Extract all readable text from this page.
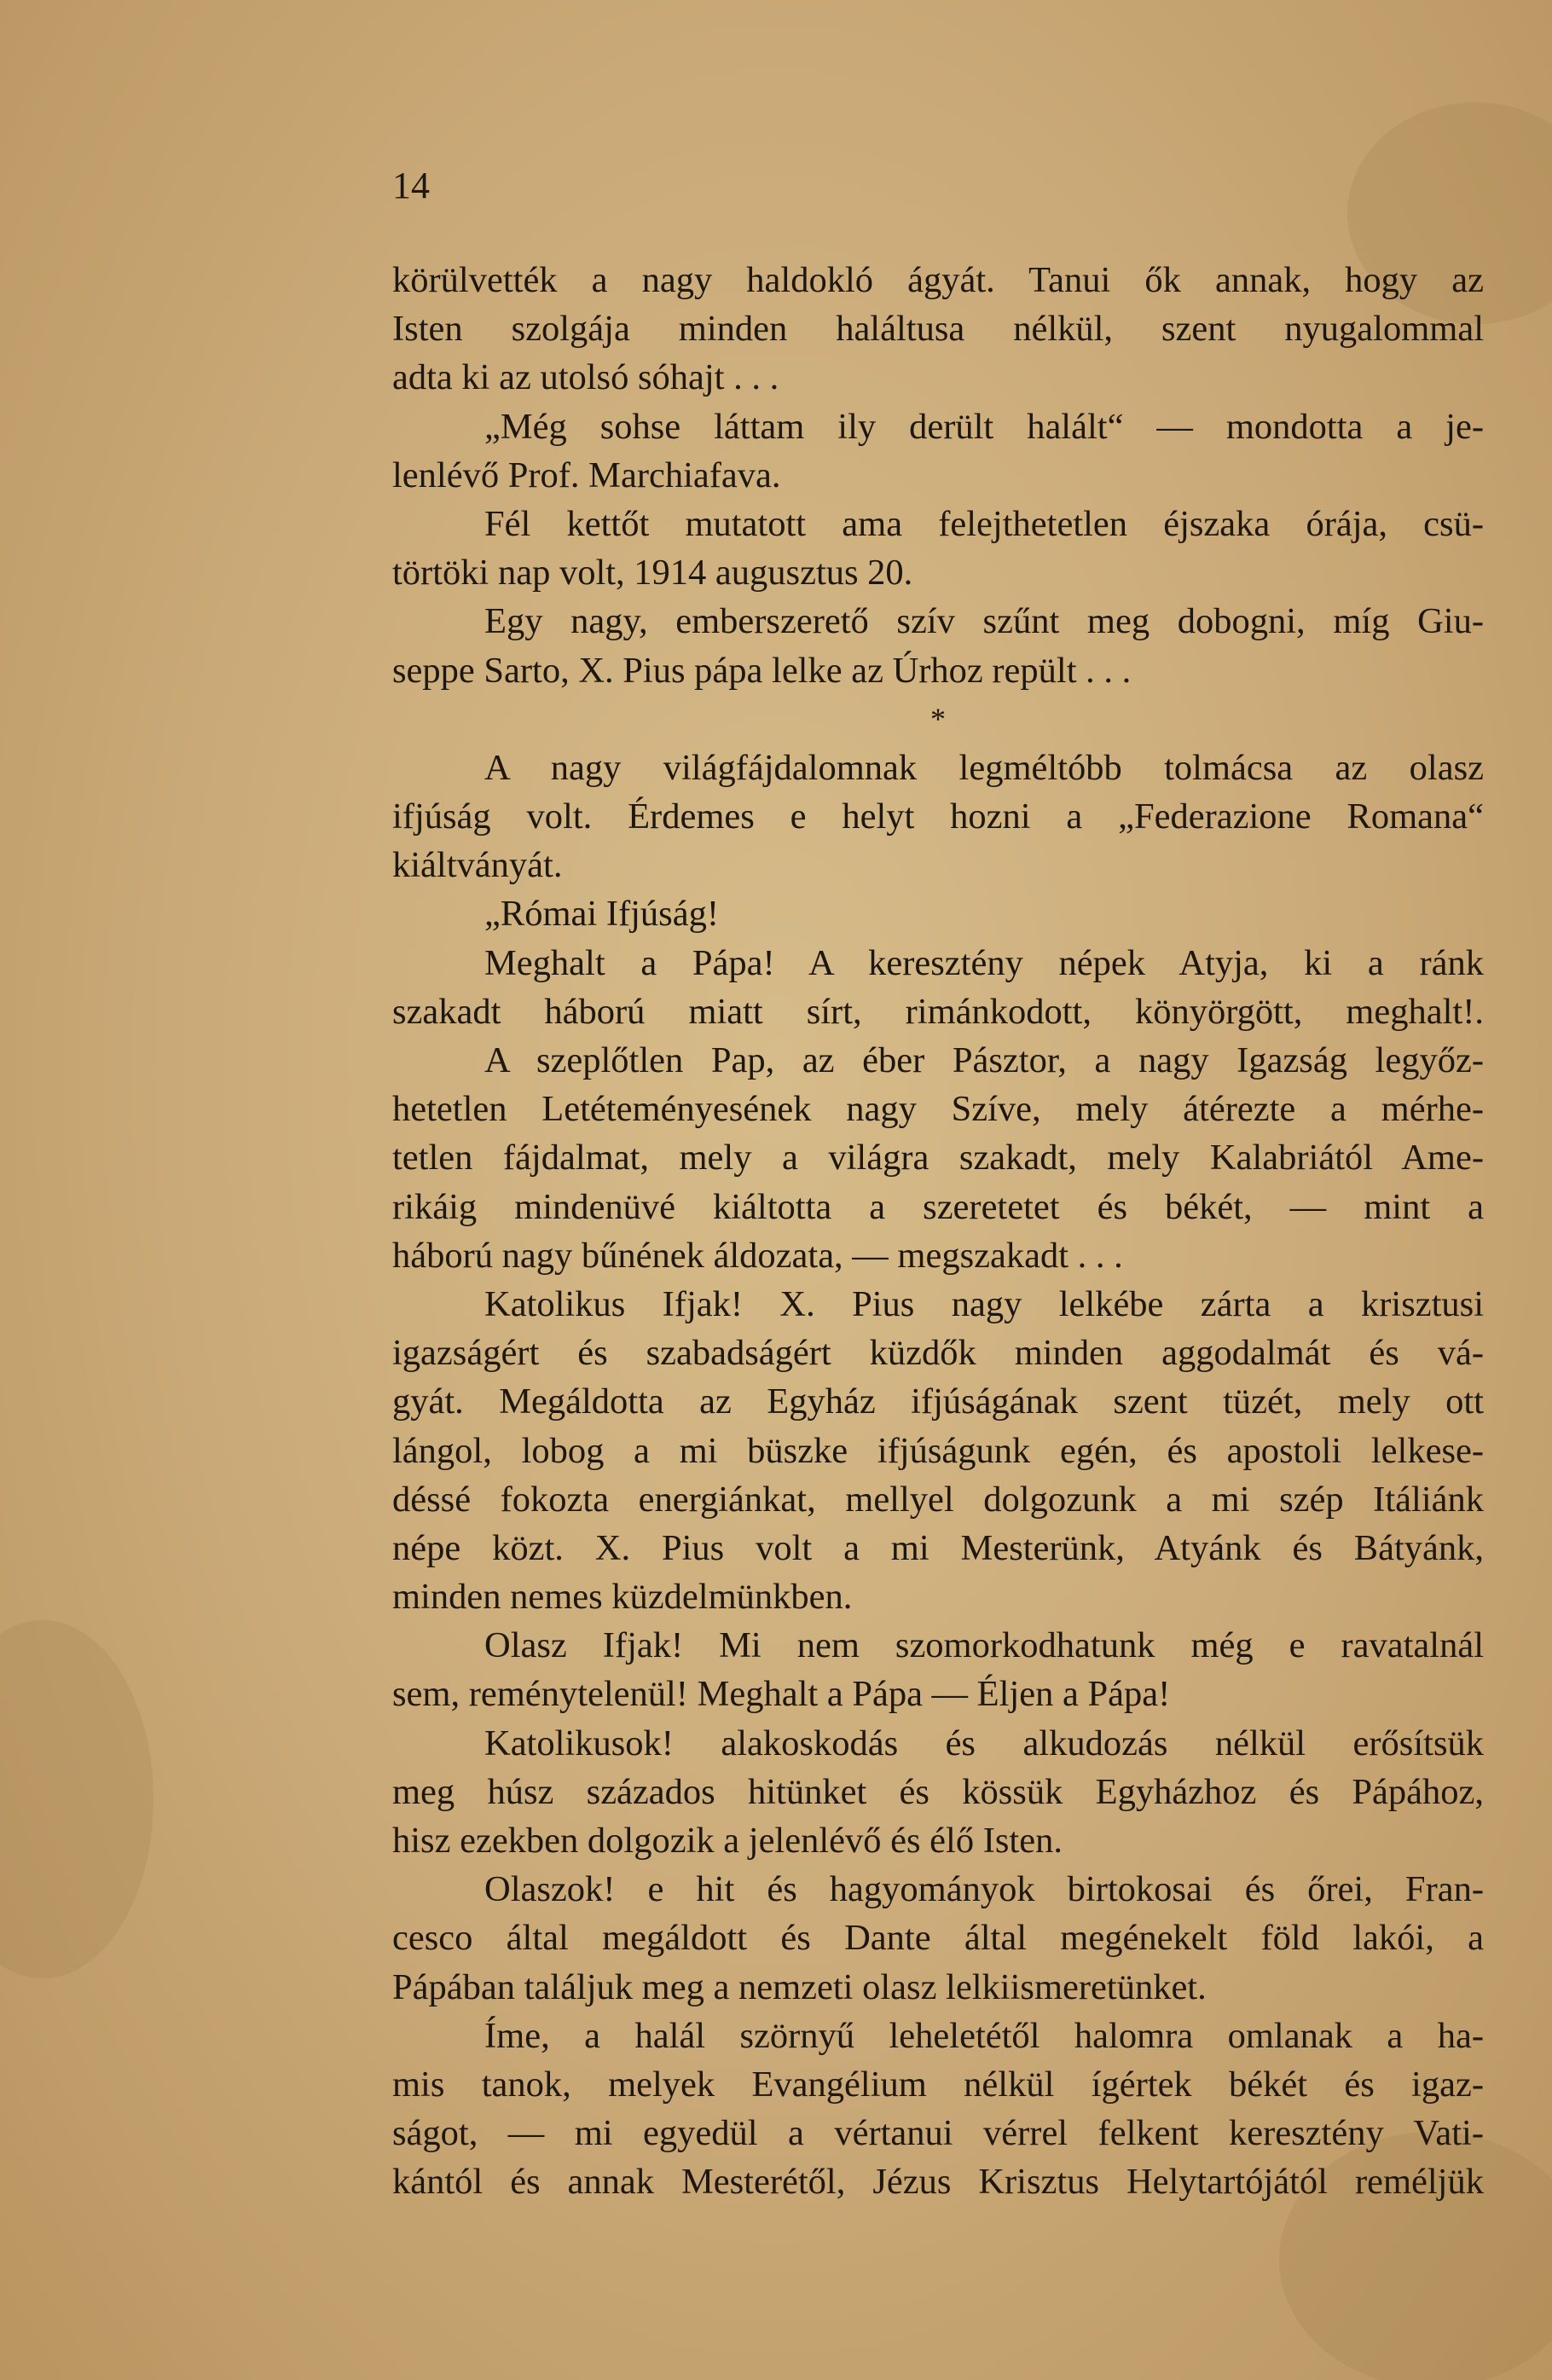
14
körülvették a nagy haldokló ágyát. Tanui ők annak, hogy az
Isten szolgája minden haláltusa nélkül, szent nyugalommal
adta ki az utolsó sóhajt . . .
„Még sohse láttam ily derült halált“ — mondotta a je-
lenlévő Prof. Marchiafava.
Fél kettőt mutatott ama felejthetetlen éjszaka órája, csü-
törtöki nap volt, 1914 augusztus 20.
Egy nagy, emberszerető szív szűnt meg dobogni, míg Giu-
seppe Sarto, X. Pius pápa lelke az Úrhoz repült . . .
*
A nagy világfájdalomnak legméltóbb tolmácsa az olasz
ifjúság volt. Érdemes e helyt hozni a „Federazione Romana“
kiáltványát.
„Római Ifjúság!
Meghalt a Pápa! A keresztény népek Atyja, ki a ránk
szakadt háború miatt sírt, rimánkodott, könyörgött, meghalt!.
A szeplőtlen Pap, az éber Pásztor, a nagy Igazság legyőz-
hetetlen Letéteményesének nagy Szíve, mely átérezte a mérhe-
tetlen fájdalmat, mely a világra szakadt, mely Kalabriától Ame-
rikáig mindenüvé kiáltotta a szeretetet és békét, — mint a
háború nagy bűnének áldozata, — megszakadt . . .
Katolikus Ifjak! X. Pius nagy lelkébe zárta a krisztusi
igazságért és szabadságért küzdők minden aggodalmát és vá-
gyát. Megáldotta az Egyház ifjúságának szent tüzét, mely ott
lángol, lobog a mi büszke ifjúságunk egén, és apostoli lelkese-
déssé fokozta energiánkat, mellyel dolgozunk a mi szép Itáliánk
népe közt. X. Pius volt a mi Mesterünk, Atyánk és Bátyánk,
minden nemes küzdelmünkben.
Olasz Ifjak! Mi nem szomorkodhatunk még e ravatalnál
sem, reménytelenül! Meghalt a Pápa — Éljen a Pápa!
Katolikusok! alakoskodás és alkudozás nélkül erősítsük
meg húsz százados hitünket és kössük Egyházhoz és Pápához,
hisz ezekben dolgozik a jelenlévő és élő Isten.
Olaszok! e hit és hagyományok birtokosai és őrei, Fran-
cesco által megáldott és Dante által megénekelt föld lakói, a
Pápában találjuk meg a nemzeti olasz lelkiismeretünket.
Íme, a halál szörnyű leheletétől halomra omlanak a ha-
mis tanok, melyek Evangélium nélkül ígértek békét és igaz-
ságot, — mi egyedül a vértanui vérrel felkent keresztény Vati-
kántól és annak Mesterétől, Jézus Krisztus Helytartójától reméljük
